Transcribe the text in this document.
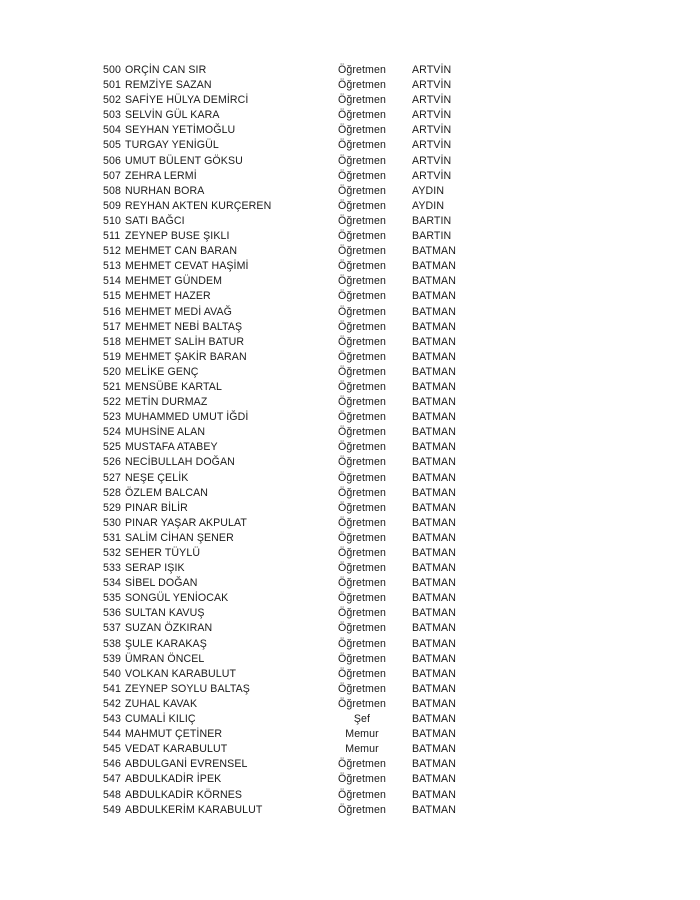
500 ORÇİN CAN SIR	Öğretmen	ARTVİN
501 REMZİYE SAZAN	Öğretmen	ARTVİN
502 SAFİYE HÜLYA DEMİRCİ	Öğretmen	ARTVİN
503 SELVİN GÜL KARA	Öğretmen	ARTVİN
504 SEYHAN YETİMOĞLU	Öğretmen	ARTVİN
505 TURGAY YENİGÜL	Öğretmen	ARTVİN
506 UMUT BÜLENT GÖKSU	Öğretmen	ARTVİN
507 ZEHRA LERMİ	Öğretmen	ARTVİN
508 NURHAN BORA	Öğretmen	AYDIN
509 REYHAN AKTEN KURÇEREN	Öğretmen	AYDIN
510 SATI BAĞCI	Öğretmen	BARTIN
511 ZEYNEP BUSE ŞIKLI	Öğretmen	BARTIN
512 MEHMET CAN BARAN	Öğretmen	BATMAN
513 MEHMET CEVAT HAŞİMİ	Öğretmen	BATMAN
514 MEHMET GÜNDEM	Öğretmen	BATMAN
515 MEHMET HAZER	Öğretmen	BATMAN
516 MEHMET MEDİ AVAĞ	Öğretmen	BATMAN
517 MEHMET NEBİ BALTAŞ	Öğretmen	BATMAN
518 MEHMET SALİH BATUR	Öğretmen	BATMAN
519 MEHMET ŞAKİR BARAN	Öğretmen	BATMAN
520 MELİKE GENÇ	Öğretmen	BATMAN
521 MENSÜBE KARTAL	Öğretmen	BATMAN
522 METİN DURMAZ	Öğretmen	BATMAN
523 MUHAMMED UMUT İĞDİ	Öğretmen	BATMAN
524 MUHSİNE ALAN	Öğretmen	BATMAN
525 MUSTAFA ATABEY	Öğretmen	BATMAN
526 NECİBULLAH DOĞAN	Öğretmen	BATMAN
527 NEŞE ÇELİK	Öğretmen	BATMAN
528 ÖZLEM BALCAN	Öğretmen	BATMAN
529 PINAR BİLİR	Öğretmen	BATMAN
530 PINAR YAŞAR AKPULAT	Öğretmen	BATMAN
531 SALİM CİHAN ŞENER	Öğretmen	BATMAN
532 SEHER TÜYLÜ	Öğretmen	BATMAN
533 SERAP IŞIK	Öğretmen	BATMAN
534 SİBEL DOĞAN	Öğretmen	BATMAN
535 SONGÜL YENİOCAK	Öğretmen	BATMAN
536 SULTAN KAVUŞ	Öğretmen	BATMAN
537 SUZAN ÖZKIRAN	Öğretmen	BATMAN
538 ŞULE KARAKAŞ	Öğretmen	BATMAN
539 ÜMRAN ÖNCEL	Öğretmen	BATMAN
540 VOLKAN KARABULUT	Öğretmen	BATMAN
541 ZEYNEP SOYLU BALTAŞ	Öğretmen	BATMAN
542 ZUHAL KAVAK	Öğretmen	BATMAN
543 CUMALİ KILIÇ	Şef	BATMAN
544 MAHMUT ÇETİNER	Memur	BATMAN
545 VEDAT KARABULUT	Memur	BATMAN
546 ABDULGANİ EVRENSEL	Öğretmen	BATMAN
547 ABDULKADİR İPEK	Öğretmen	BATMAN
548 ABDULKADİR KÖRNES	Öğretmen	BATMAN
549 ABDULKERİM KARABULUT	Öğretmen	BATMAN
